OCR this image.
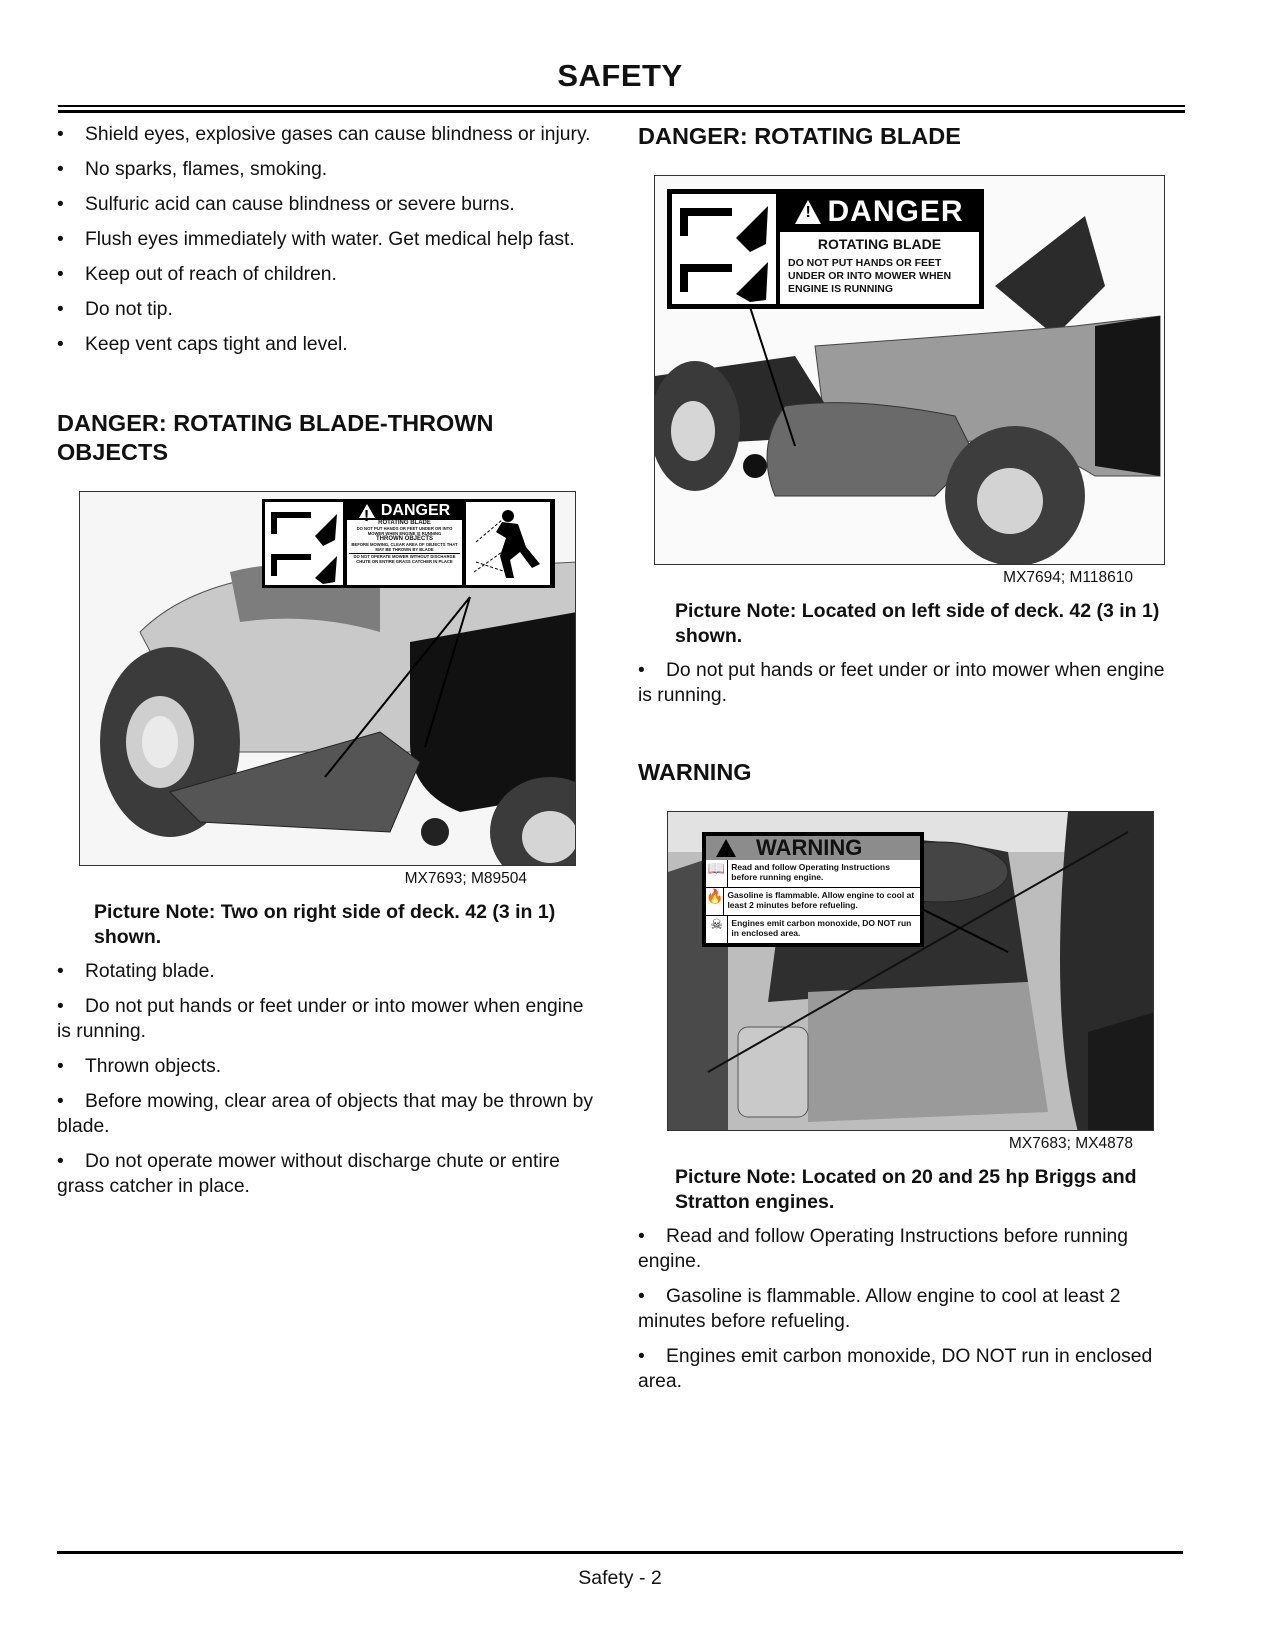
SAFETY
• Shield eyes, explosive gases can cause blindness or injury.
• No sparks, flames, smoking.
• Sulfuric acid can cause blindness or severe burns.
• Flush eyes immediately with water. Get medical help fast.
• Keep out of reach of children.
• Do not tip.
• Keep vent caps tight and level.
DANGER: ROTATING BLADE-THROWN OBJECTS
!
DANGER
ROTATING BLADE
DO NOT PUT HANDS OR FEET UNDER OR INTO MOWER WHEN ENGINE IS RUNNING
THROWN OBJECTS
BEFORE MOWING, CLEAR AREA OF OBJECTS THAT MAY BE THROWN BY BLADE
DO NOT OPERATE MOWER WITHOUT DISCHARGE CHUTE OR ENTIRE GRASS CATCHER IN PLACE
MX7693; M89504
Picture Note: Two on right side of deck. 42 (3 in 1) shown.
• Rotating blade.
• Do not put hands or feet under or into mower when engine is running.
• Thrown objects.
• Before mowing, clear area of objects that may be thrown by blade.
• Do not operate mower without discharge chute or entire grass catcher in place.
DANGER: ROTATING BLADE
!
DANGER
ROTATING BLADE
DO NOT PUT HANDS OR FEET UNDER OR INTO MOWER WHEN ENGINE IS RUNNING
MX7694; M118610
Picture Note: Located on left side of deck. 42 (3 in 1) shown.
• Do not put hands or feet under or into mower when engine is running.
WARNING
WARNING
📖 Read and follow Operating Instructions before running engine.
🔥 Gasoline is flammable. Allow engine to cool at least 2 minutes before refueling.
☠ Engines emit carbon monoxide, DO NOT run in enclosed area.
MX7683; MX4878
Picture Note: Located on 20 and 25 hp Briggs and Stratton engines.
• Read and follow Operating Instructions before running engine.
• Gasoline is flammable. Allow engine to cool at least 2 minutes before refueling.
• Engines emit carbon monoxide, DO NOT run in enclosed area.
Safety - 2
